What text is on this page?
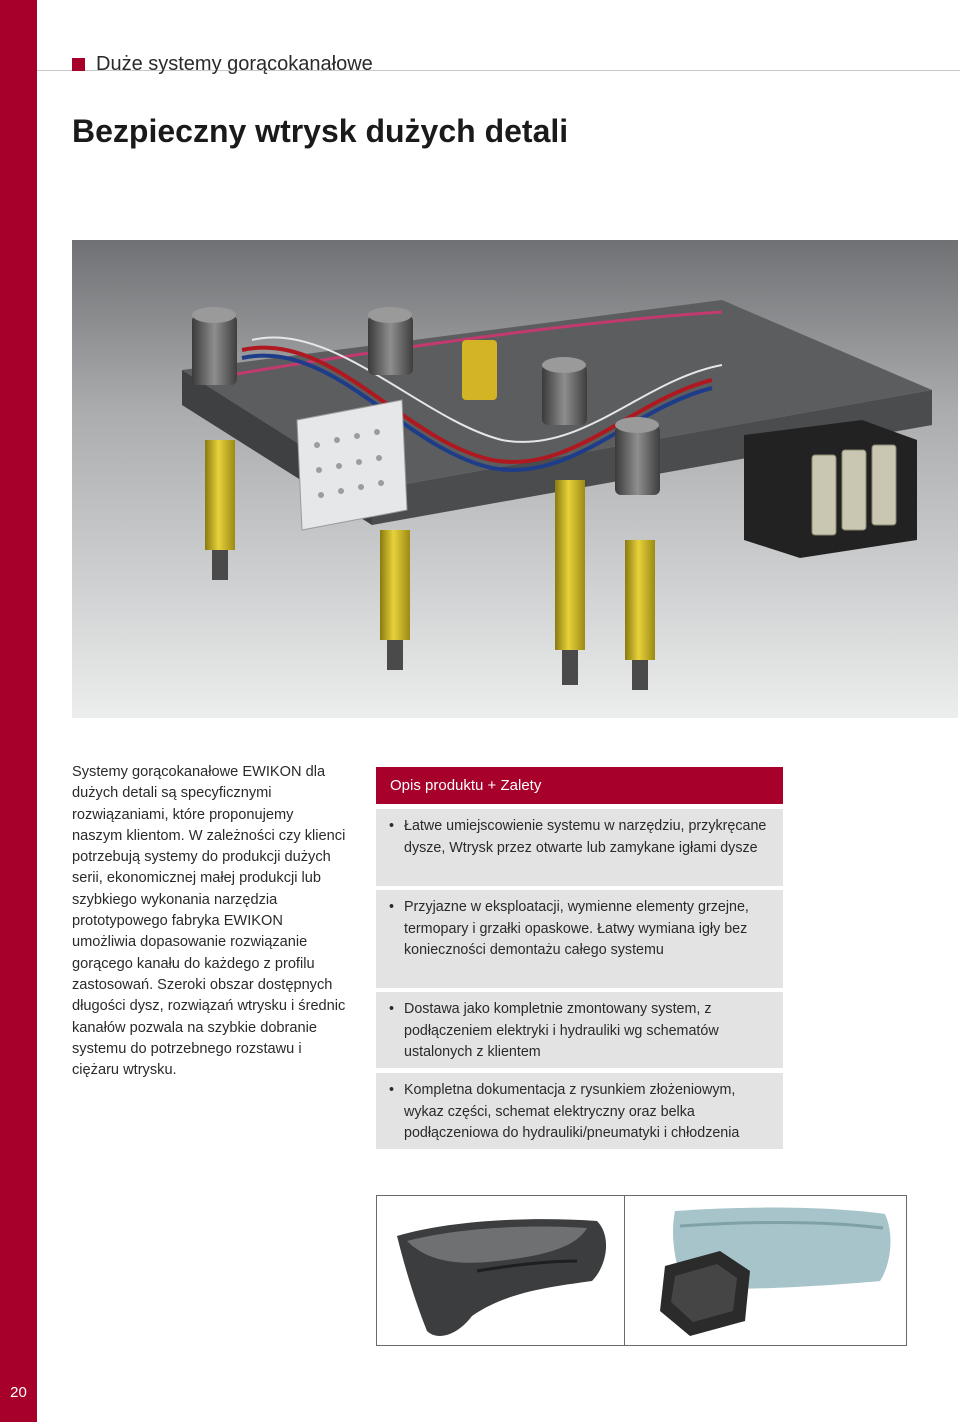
20
Duże systemy gorącokanałowe
Bezpieczny wtrysk dużych detali

Systemy gorącokanałowe EWIKON dla dużych detali są specyficznymi rozwiązaniami, które proponujemy naszym klientom. W zależności czy klienci potrzebują systemy do produkcji dużych serii, ekonomicznej małej produkcji lub szybkiego wykonania narzędzia prototypowego fabryka EWIKON umożliwia dopasowanie rozwiązanie gorącego kanału do każdego z profilu zastosowań. Szeroki obszar dostępnych długości dysz, rozwiązań wtrysku i średnic kanałów pozwala na szybkie dobranie systemu do potrzebnego rozstawu i ciężaru wtrysku.

Opis produktu + Zalety
• Łatwe umiejscowienie systemu w narzędziu, przykręcane dysze, Wtrysk przez otwarte lub zamykane igłami dysze
• Przyjazne w eksploatacji, wymienne elementy grzejne, termopary i grzałki opaskowe. Łatwy wymiana igły bez konieczności demontażu całego systemu
• Dostawa jako kompletnie zmontowany system, z podłączeniem elektryki i hydrauliki wg schematów ustalonych z klientem
• Kompletna dokumentacja z rysunkiem złożeniowym, wykaz części, schemat elektryczny oraz belka podłączeniowa do hydrauliki/pneumatyki i chłodzenia
